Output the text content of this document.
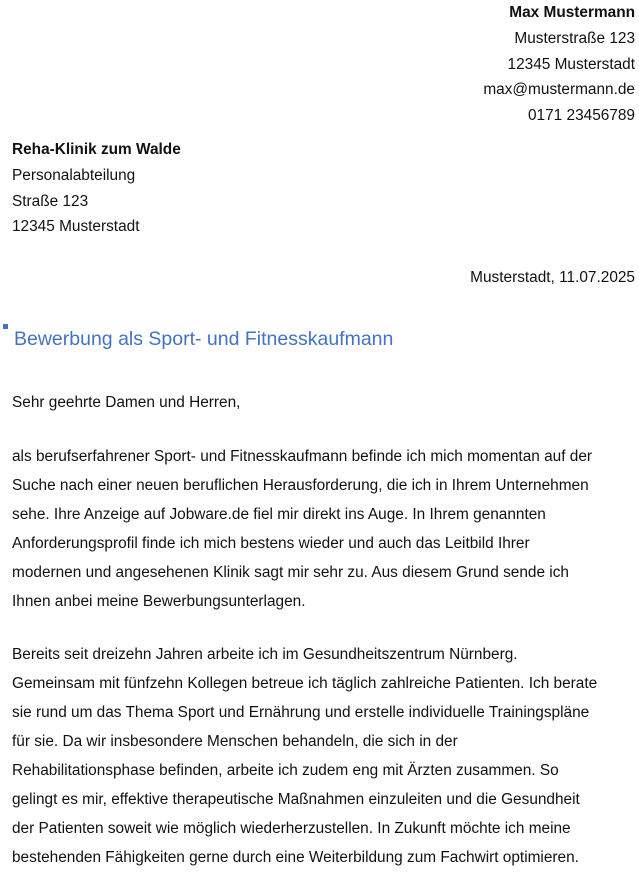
Max Mustermann
Musterstraße 123
12345 Musterstadt
max@mustermann.de
0171 23456789
Reha-Klinik zum Walde
Personalabteilung
Straße 123
12345 Musterstadt
Musterstadt, 11.07.2025
Bewerbung als Sport- und Fitnesskaufmann
Sehr geehrte Damen und Herren,
als berufserfahrener Sport- und Fitnesskaufmann befinde ich mich momentan auf der
Suche nach einer neuen beruflichen Herausforderung, die ich in Ihrem Unternehmen
sehe. Ihre Anzeige auf Jobware.de fiel mir direkt ins Auge. In Ihrem genannten
Anforderungsprofil finde ich mich bestens wieder und auch das Leitbild Ihrer
modernen und angesehenen Klinik sagt mir sehr zu. Aus diesem Grund sende ich
Ihnen anbei meine Bewerbungsunterlagen.
Bereits seit dreizehn Jahren arbeite ich im Gesundheitszentrum Nürnberg.
Gemeinsam mit fünfzehn Kollegen betreue ich täglich zahlreiche Patienten. Ich berate
sie rund um das Thema Sport und Ernährung und erstelle individuelle Trainingspläne
für sie. Da wir insbesondere Menschen behandeln, die sich in der
Rehabilitationsphase befinden, arbeite ich zudem eng mit Ärzten zusammen. So
gelingt es mir, effektive therapeutische Maßnahmen einzuleiten und die Gesundheit
der Patienten soweit wie möglich wiederherzustellen. In Zukunft möchte ich meine
bestehenden Fähigkeiten gerne durch eine Weiterbildung zum Fachwirt optimieren.
